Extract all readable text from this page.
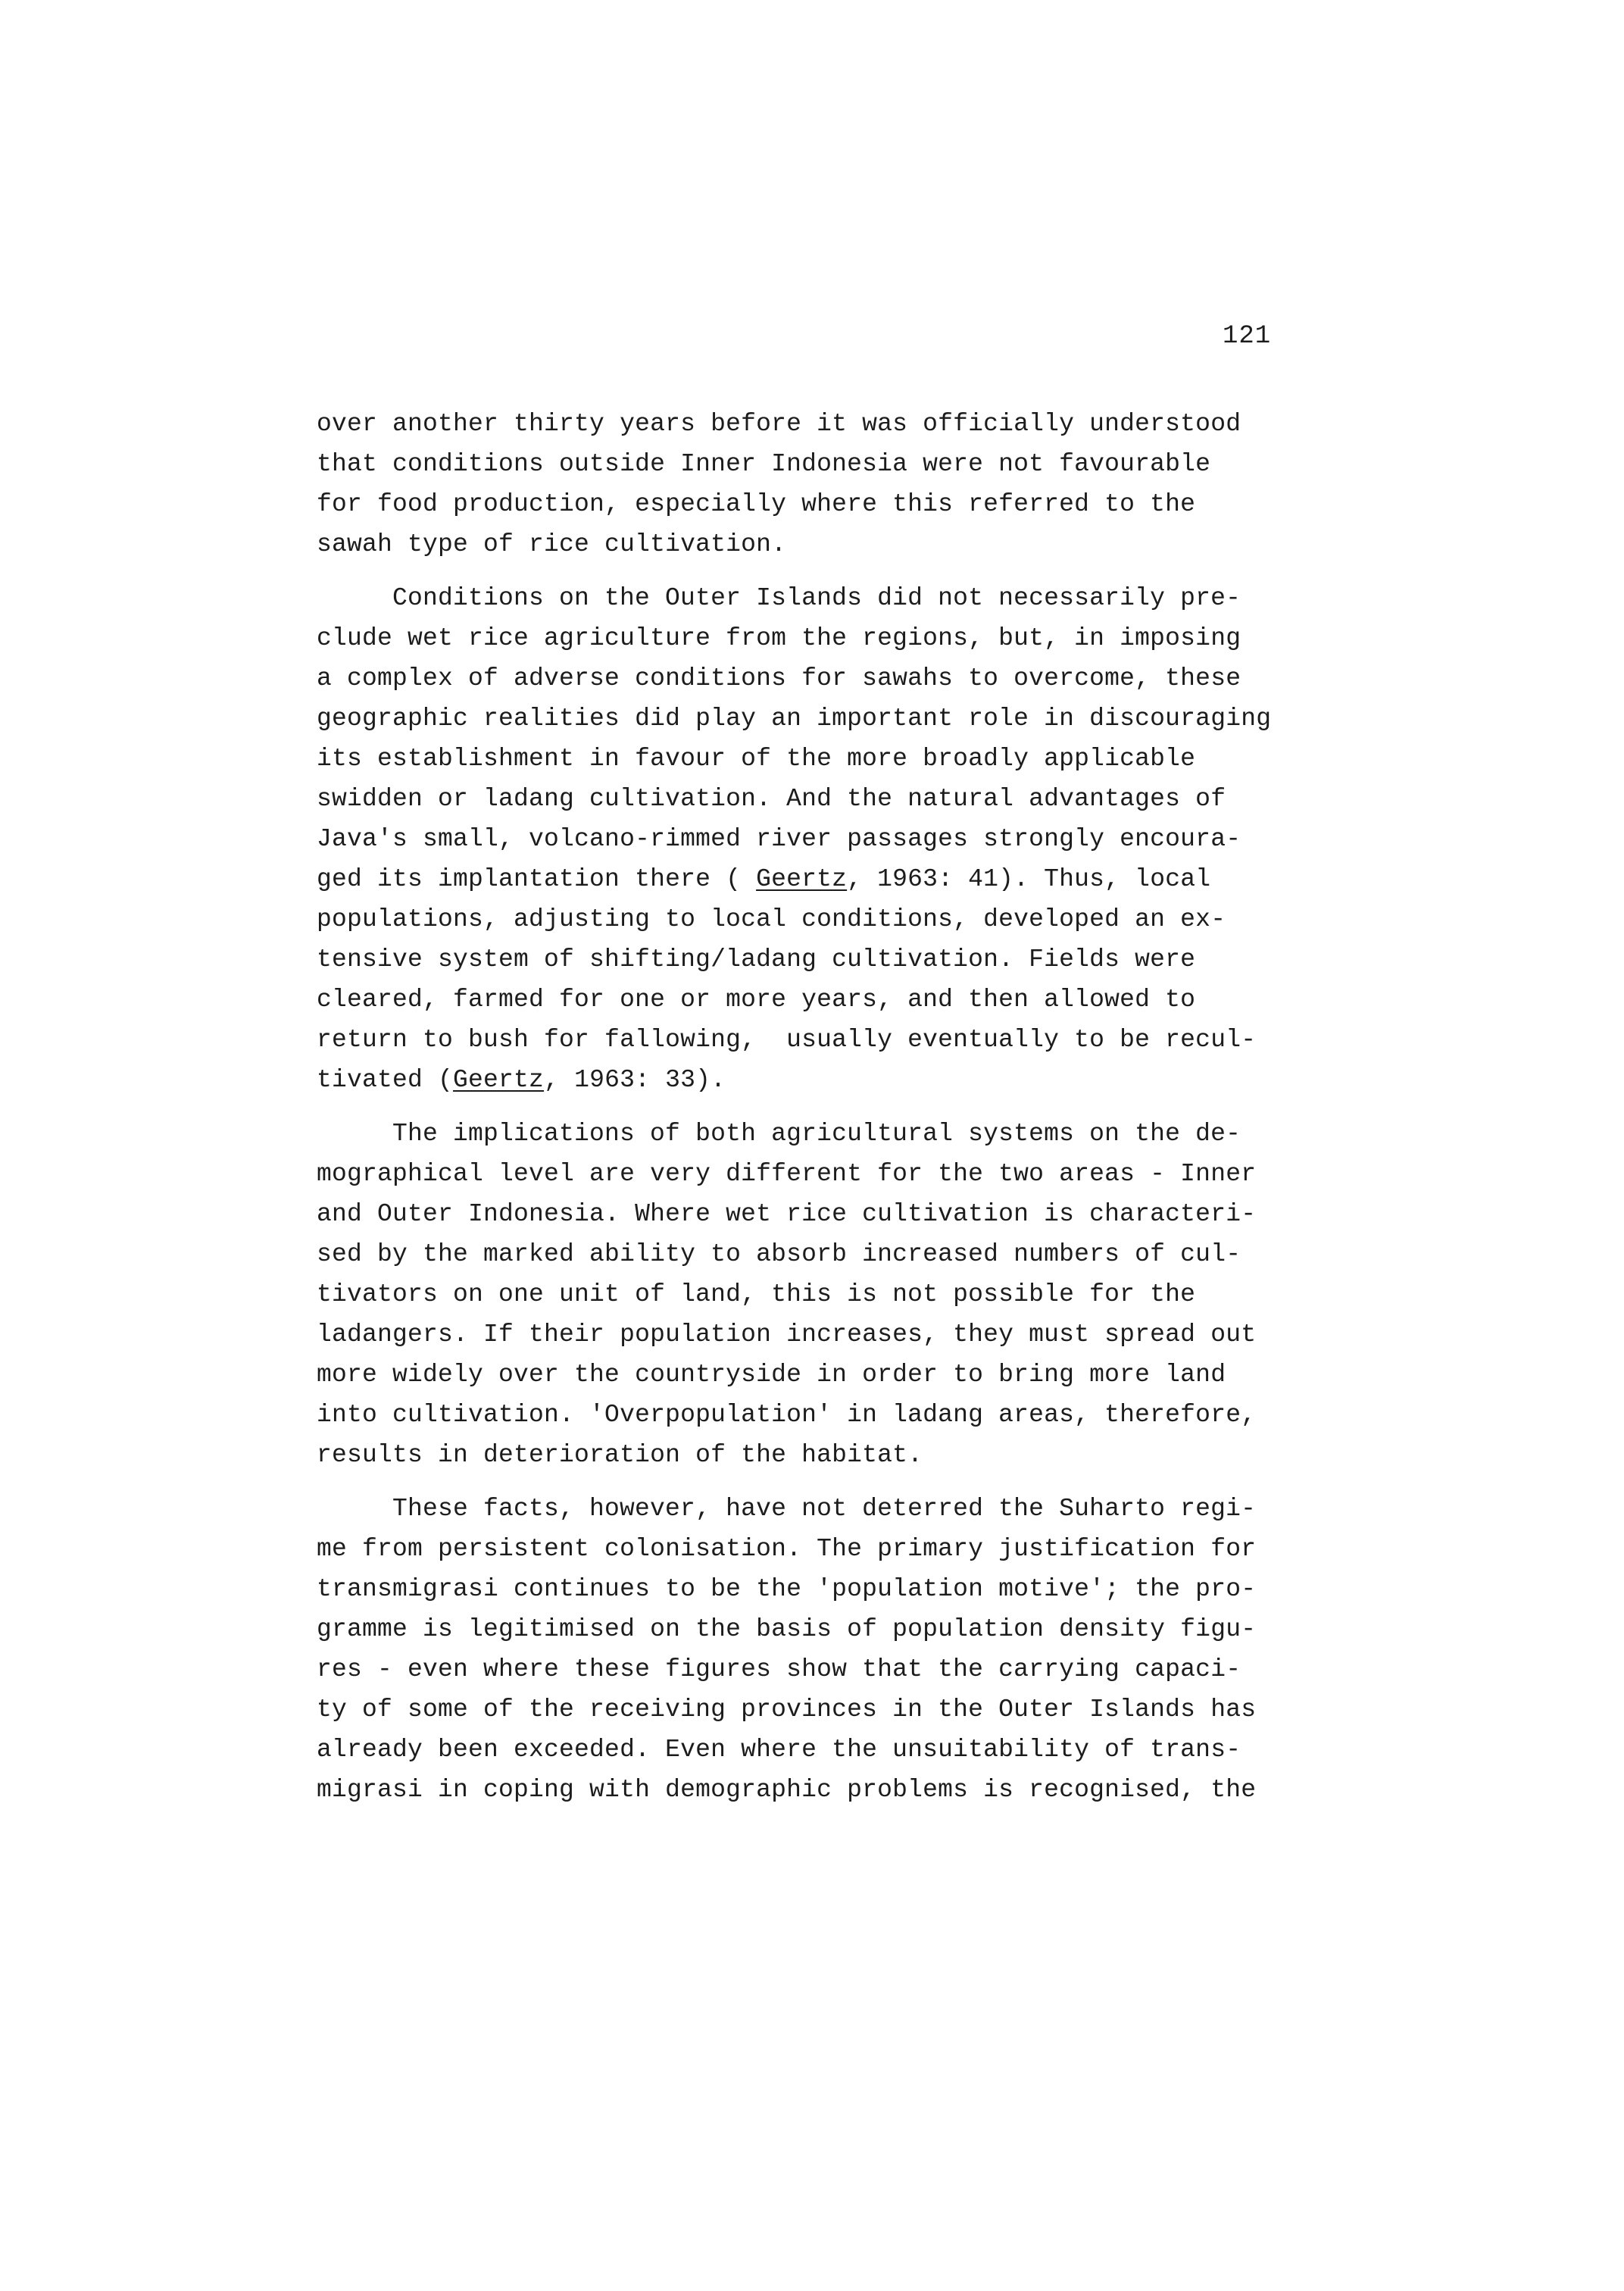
121
over another thirty years before it was officially understood
that conditions outside Inner Indonesia were not favourable
for food production, especially where this referred to the
sawah type of rice cultivation.
Conditions on the Outer Islands did not necessarily pre-
clude wet rice agriculture from the regions, but, in imposing
a complex of adverse conditions for sawahs to overcome, these
geographic realities did play an important role in discouraging
its establishment in favour of the more broadly applicable
swidden or ladang cultivation. And the natural advantages of
Java's small, volcano-rimmed river passages strongly encoura-
ged its implantation there ( Geertz, 1963: 41). Thus, local
populations, adjusting to local conditions, developed an ex-
tensive system of shifting/ladang cultivation. Fields were
cleared, farmed for one or more years, and then allowed to
return to bush for fallowing,  usually eventually to be recul-
tivated (Geertz, 1963: 33).
The implications of both agricultural systems on the de-
mographical level are very different for the two areas - Inner
and Outer Indonesia. Where wet rice cultivation is characteri-
sed by the marked ability to absorb increased numbers of cul-
tivators on one unit of land, this is not possible for the
ladangers. If their population increases, they must spread out
more widely over the countryside in order to bring more land
into cultivation. 'Overpopulation' in ladang areas, therefore,
results in deterioration of the habitat.
These facts, however, have not deterred the Suharto regi-
me from persistent colonisation. The primary justification for
transmigrasi continues to be the 'population motive'; the pro-
gramme is legitimised on the basis of population density figu-
res - even where these figures show that the carrying capaci-
ty of some of the receiving provinces in the Outer Islands has
already been exceeded. Even where the unsuitability of trans-
migrasi in coping with demographic problems is recognised, the
